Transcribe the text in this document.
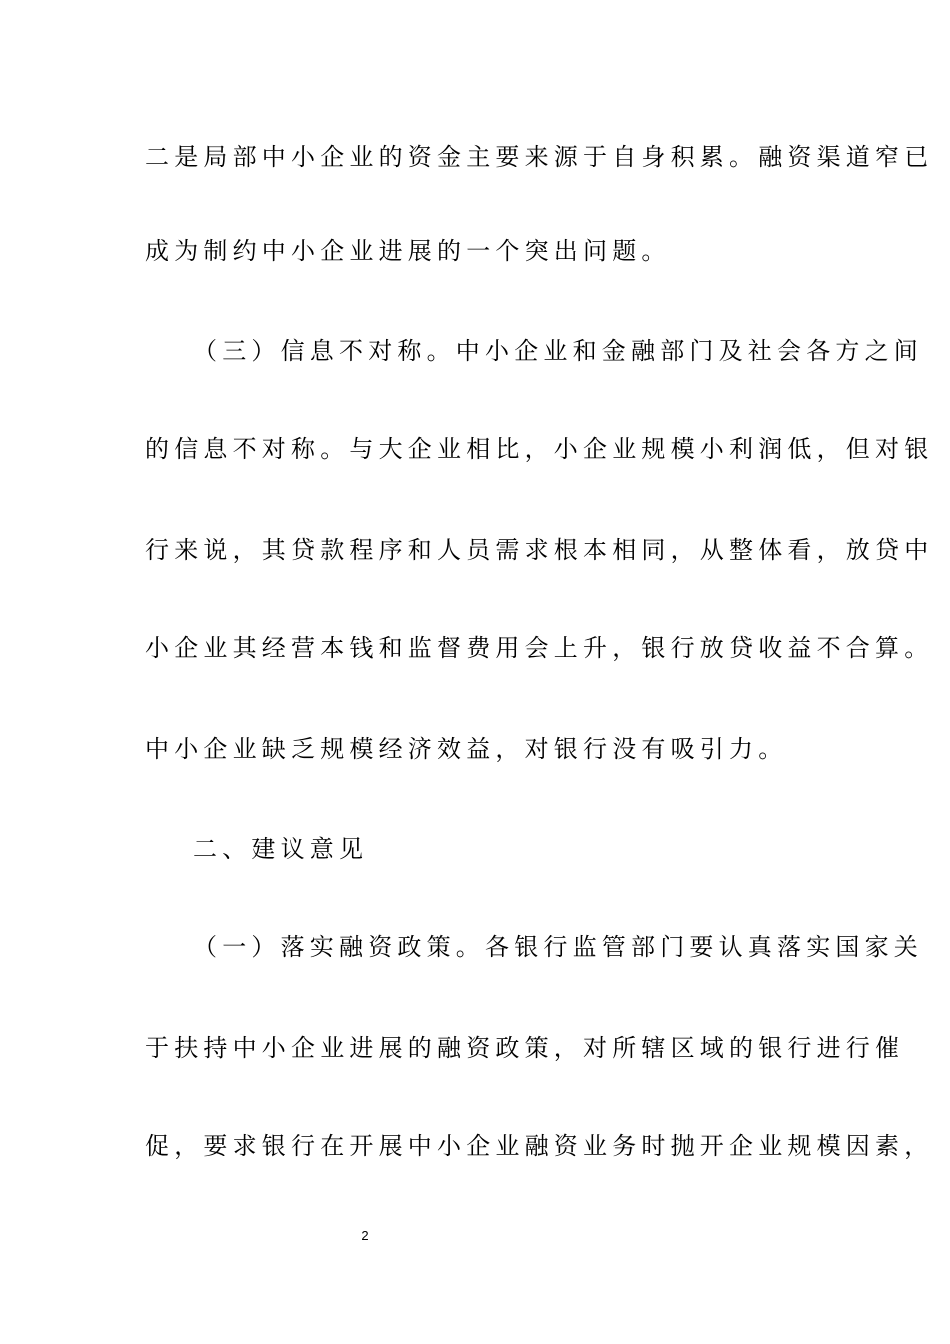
二是局部中小企业的资金主要来源于自身积累。融资渠道窄已
成为制约中小企业进展的一个突出问题。
（三）信息不对称。中小企业和金融部门及社会各方之间
的信息不对称。与大企业相比，小企业规模小利润低，但对银
行来说，其贷款程序和人员需求根本相同，从整体看，放贷中
小企业其经营本钱和监督费用会上升，银行放贷收益不合算。
中小企业缺乏规模经济效益，对银行没有吸引力。
二、建议意见
（一）落实融资政策。各银行监管部门要认真落实国家关
于扶持中小企业进展的融资政策，对所辖区域的银行进行催
促，要求银行在开展中小企业融资业务时抛开企业规模因素，
2
